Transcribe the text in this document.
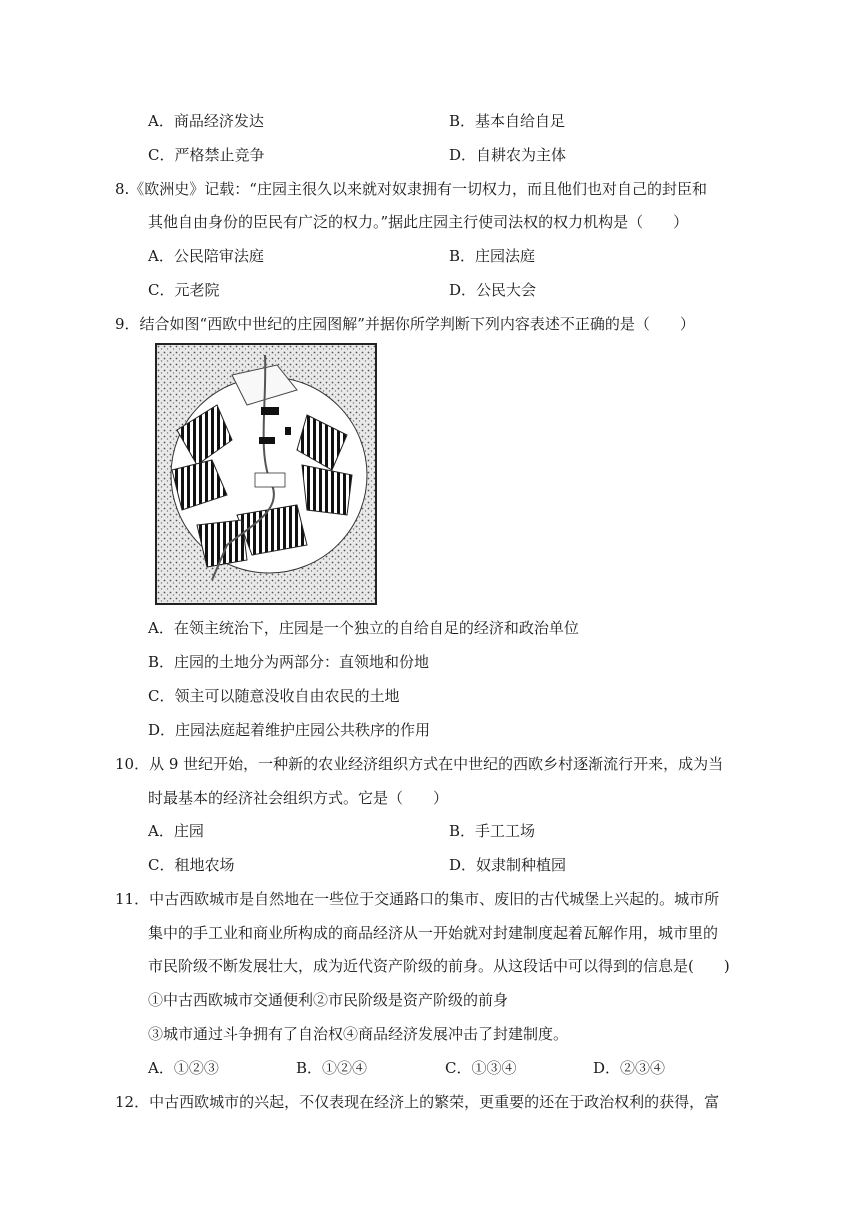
A．商品经济发达	B．基本自给自足
C．严格禁止竞争	D．自耕农为主体
8.《欧洲史》记载：“庄园主很久以来就对奴隶拥有一切权力，而且他们也对自己的封臣和
其他自由身份的臣民有广泛的权力。”据此庄园主行使司法权的权力机构是（　　）
A．公民陪审法庭	B．庄园法庭
C．元老院	D．公民大会
9．结合如图“西欧中世纪的庄园图解”并据你所学判断下列内容表述不正确的是（　　）
A．在领主统治下，庄园是一个独立的自给自足的经济和政治单位
B．庄园的土地分为两部分：直领地和份地
C．领主可以随意没收自由农民的土地
D．庄园法庭起着维护庄园公共秩序的作用
10．从 9 世纪开始，一种新的农业经济组织方式在中世纪的西欧乡村逐渐流行开来，成为当
时最基本的经济社会组织方式。它是（　　）
A．庄园	B．手工工场
C．租地农场	D．奴隶制种植园
11．中古西欧城市是自然地在一些位于交通路口的集市、废旧的古代城堡上兴起的。城市所
集中的手工业和商业所构成的商品经济从一开始就对封建制度起着瓦解作用，城市里的
市民阶级不断发展壮大，成为近代资产阶级的前身。从这段话中可以得到的信息是(　　)
①中古西欧城市交通便利②市民阶级是资产阶级的前身
③城市通过斗争拥有了自治权④商品经济发展冲击了封建制度。
A．①②③	B．①②④	C．①③④	D．②③④
12．中古西欧城市的兴起，不仅表现在经济上的繁荣，更重要的还在于政治权利的获得，富
